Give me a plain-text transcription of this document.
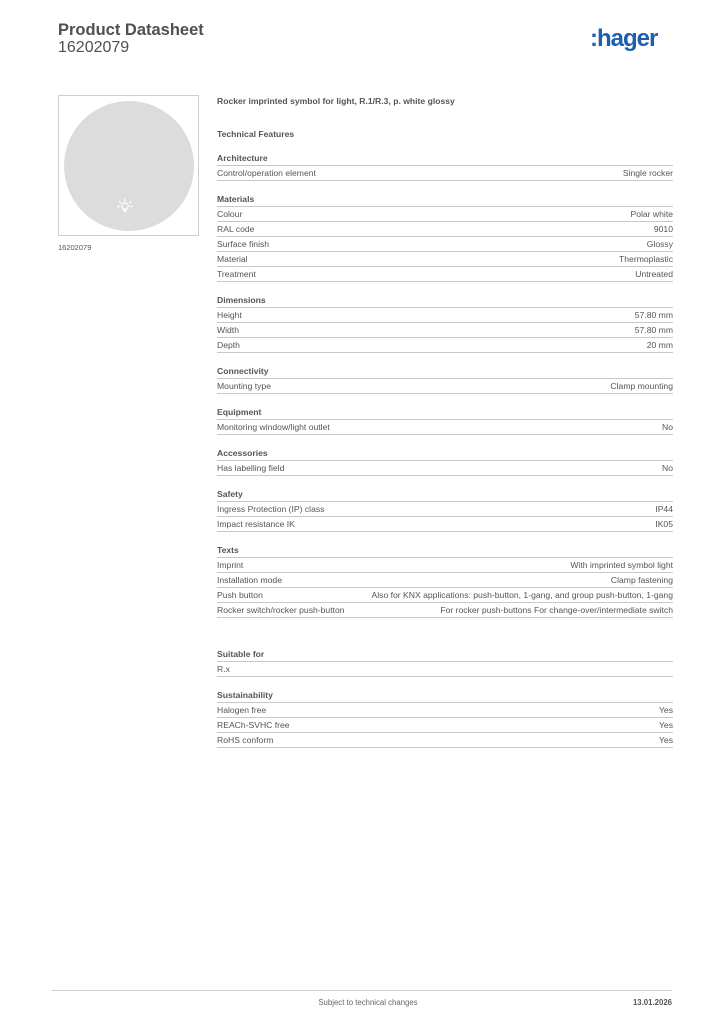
Product Datasheet
16202079	:hager
16202079
Rocker imprinted symbol for light, R.1/R.3, p. white glossy
Technical Features
Architecture
Control/operation element	Single rocker
Materials
Colour	Polar white
RAL code	9010
Surface finish	Glossy
Material	Thermoplastic
Treatment	Untreated
Dimensions
Height	57.80 mm
Width	57.80 mm
Depth	20 mm
Connectivity
Mounting type	Clamp mounting
Equipment
Monitoring window/light outlet	No
Accessories
Has labelling field	No
Safety
Ingress Protection (IP) class	IP44
Impact resistance IK	IK05
Texts
Imprint	With imprinted symbol light
Installation mode	Clamp fastening
Push button	Also for KNX applications: push-button, 1-gang, and group push-button, 1-gang
Rocker switch/rocker push-button	For rocker push-buttons For change-over/intermediate switch
Suitable for
R.x
Sustainability
Halogen free	Yes
REACh-SVHC free	Yes
RoHS conform	Yes
Subject to technical changes	13.01.2026
